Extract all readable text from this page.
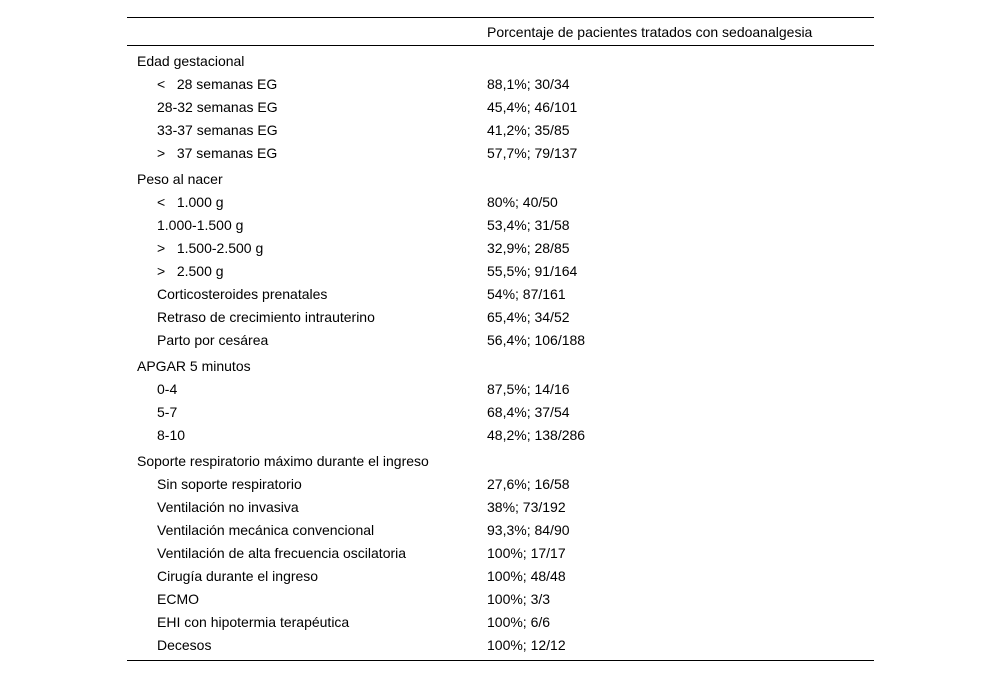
Porcentaje de pacientes tratados con sedoanalgesia
Edad gestacional
<   28 semanas EG	88,1%; 30/34
28-32 semanas EG	45,4%; 46/101
33-37 semanas EG	41,2%; 35/85
>   37 semanas EG	57,7%; 79/137
Peso al nacer
<   1.000 g	80%; 40/50
1.000-1.500 g	53,4%; 31/58
>   1.500-2.500 g	32,9%; 28/85
>   2.500 g	55,5%; 91/164
Corticosteroides prenatales	54%; 87/161
Retraso de crecimiento intrauterino	65,4%; 34/52
Parto por cesárea	56,4%; 106/188
APGAR 5 minutos
0-4	87,5%; 14/16
5-7	68,4%; 37/54
8-10	48,2%; 138/286
Soporte respiratorio máximo durante el ingreso
Sin soporte respiratorio	27,6%; 16/58
Ventilación no invasiva	38%; 73/192
Ventilación mecánica convencional	93,3%; 84/90
Ventilación de alta frecuencia oscilatoria	100%; 17/17
Cirugía durante el ingreso	100%; 48/48
ECMO	100%; 3/3
EHI con hipotermia terapéutica	100%; 6/6
Decesos	100%; 12/12
